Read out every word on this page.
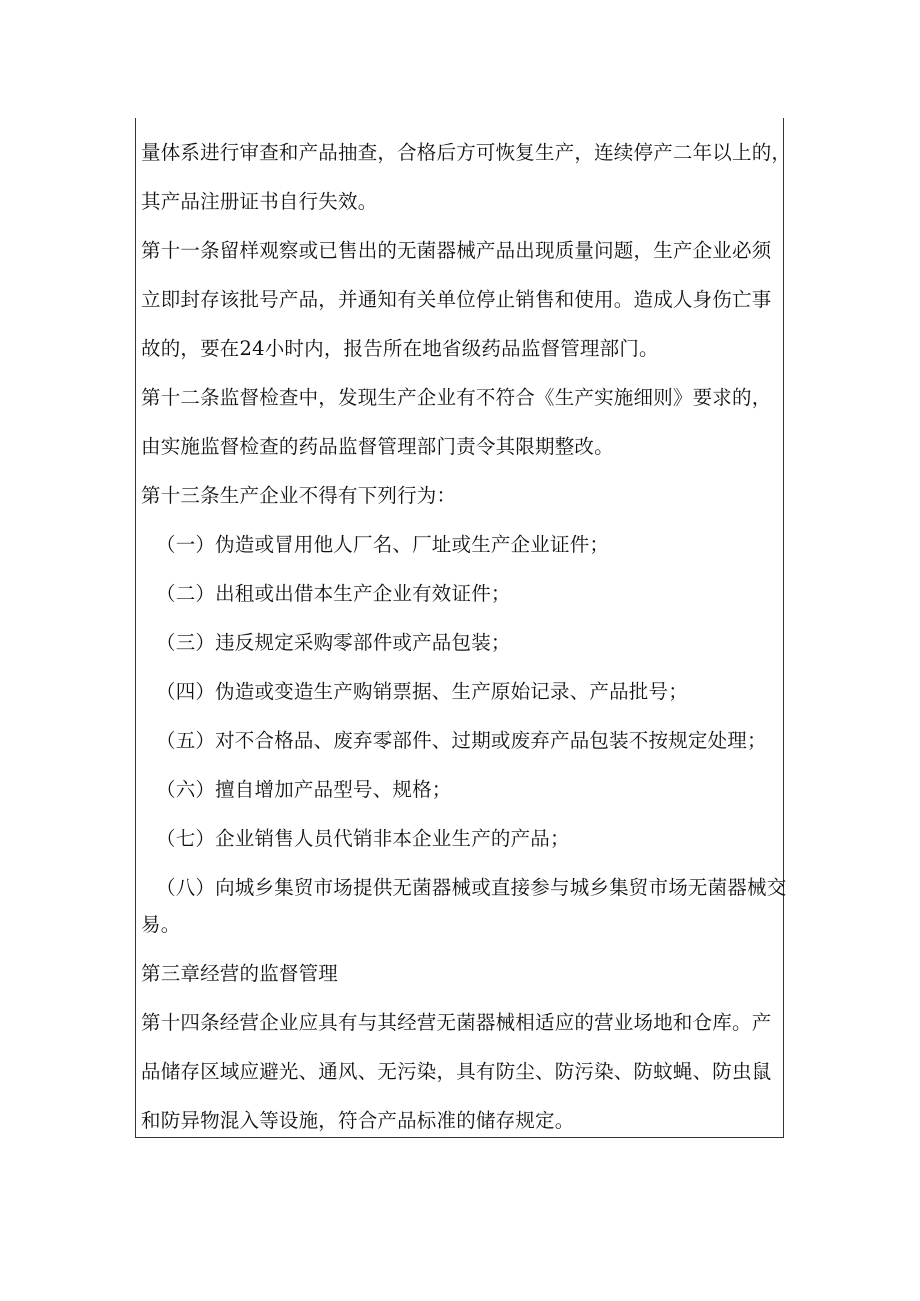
量体系进行审查和产品抽查，合格后方可恢复生产，连续停产二年以上的，
其产品注册证书自行失效。
第十一条留样观察或已售出的无菌器械产品出现质量问题，生产企业必须
立即封存该批号产品，并通知有关单位停止销售和使用。造成人身伤亡事
故的，要在24小时内，报告所在地省级药品监督管理部门。
第十二条监督检查中，发现生产企业有不符合《生产实施细则》要求的，
由实施监督检查的药品监督管理部门责令其限期整改。
第十三条生产企业不得有下列行为：
（一）伪造或冒用他人厂名、厂址或生产企业证件；
（二）出租或出借本生产企业有效证件；
（三）违反规定采购零部件或产品包装；
（四）伪造或变造生产购销票据、生产原始记录、产品批号；
（五）对不合格品、废弃零部件、过期或废弃产品包装不按规定处理；
（六）擅自增加产品型号、规格；
（七）企业销售人员代销非本企业生产的产品；
（八）向城乡集贸市场提供无菌器械或直接参与城乡集贸市场无菌器械交
易。
第三章经营的监督管理
第十四条经营企业应具有与其经营无菌器械相适应的营业场地和仓库。产
品储存区域应避光、通风、无污染，具有防尘、防污染、防蚊蝇、防虫鼠
和防异物混入等设施，符合产品标准的储存规定。
